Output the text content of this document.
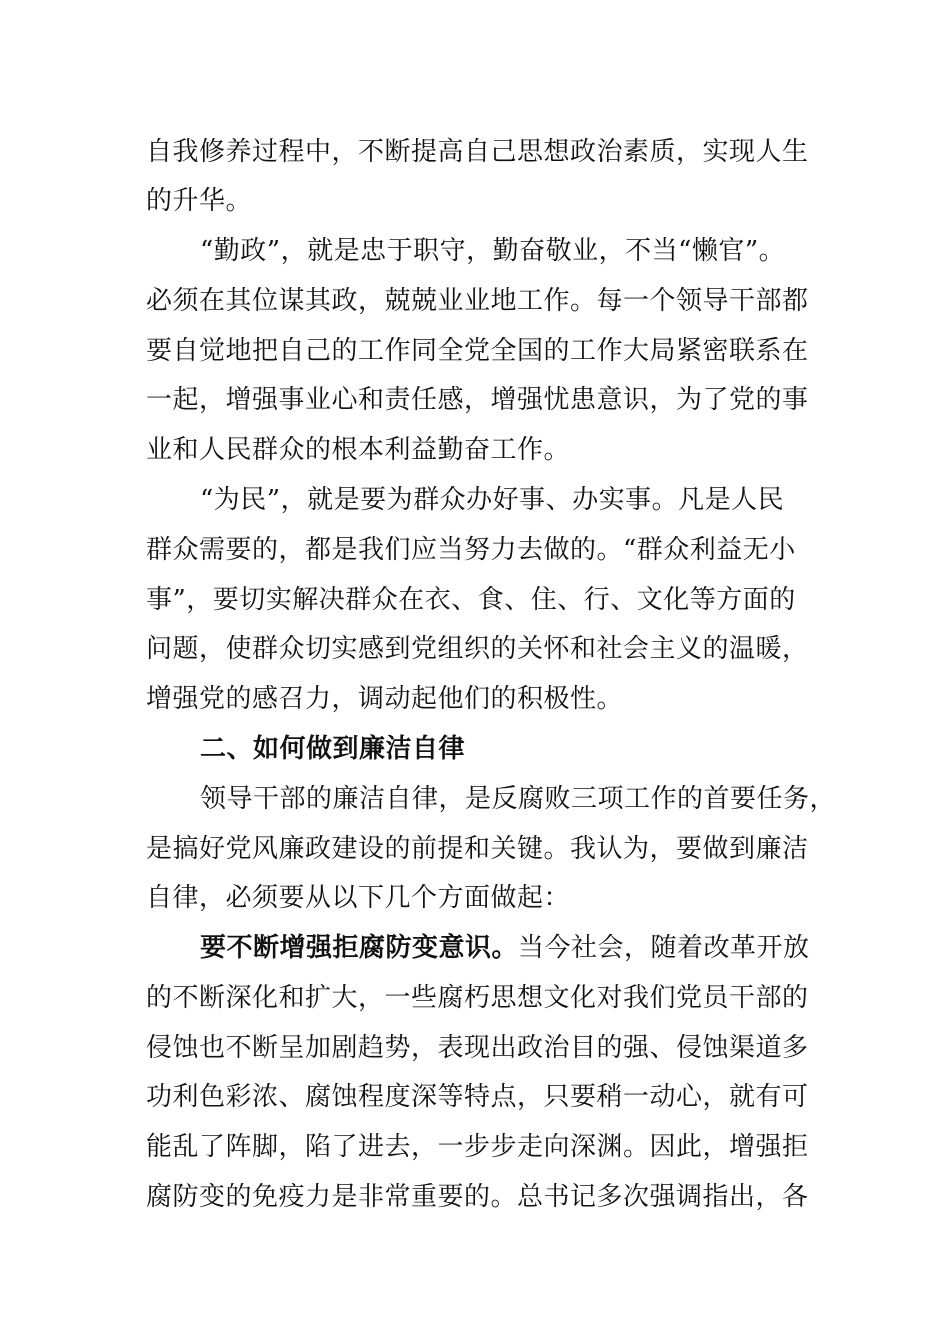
自我修养过程中，不断提高自己思想政治素质，实现人生
的升华。
“勤政”，就是忠于职守，勤奋敬业，不当“懒官”。
必须在其位谋其政，兢兢业业地工作。每一个领导干部都
要自觉地把自己的工作同全党全国的工作大局紧密联系在
一起，增强事业心和责任感，增强忧患意识，为了党的事
业和人民群众的根本利益勤奋工作。
“为民”，就是要为群众办好事、办实事。凡是人民
群众需要的，都是我们应当努力去做的。“群众利益无小
事”，要切实解决群众在衣、食、住、行、文化等方面的
问题，使群众切实感到党组织的关怀和社会主义的温暖，
增强党的感召力，调动起他们的积极性。
二、如何做到廉洁自律
领导干部的廉洁自律，是反腐败三项工作的首要任务，
是搞好党风廉政建设的前提和关键。我认为，要做到廉洁
自律，必须要从以下几个方面做起：
要不断增强拒腐防变意识。当今社会，随着改革开放
的不断深化和扩大，一些腐朽思想文化对我们党员干部的
侵蚀也不断呈加剧趋势，表现出政治目的强、侵蚀渠道多
功利色彩浓、腐蚀程度深等特点，只要稍一动心，就有可
能乱了阵脚，陷了进去，一步步走向深渊。因此，增强拒
腐防变的免疫力是非常重要的。总书记多次强调指出，各
